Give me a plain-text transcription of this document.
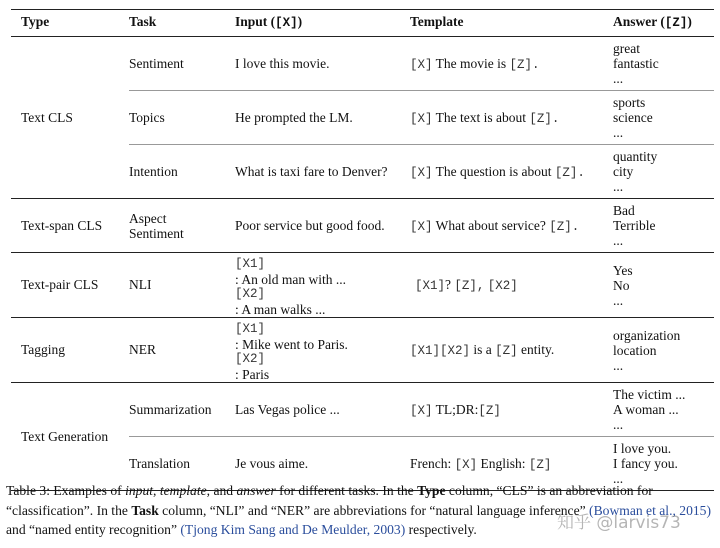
Type	Task	Input ([X])	Template	Answer ([Z])
Text CLS	Sentiment	I love this movie.	[X] The movie is [Z].	great
fantastic
...

	Topics	He prompted the LM.	[X] The text is about [Z].	sports
science
...

	Intention	What is taxi fare to Denver?	[X] The question is about [Z].	quantity
city
...

Text-span CLS	Aspect
Sentiment	Poor service but good food.	[X] What about service? [Z].	Bad
Terrible
...

Text-pair CLS	NLI	[X1]
: An old man with ...
[X2]
: A man walks ...	[X1]? [Z], [X2]	Yes
No
...

Tagging	NER	[X1]
: Mike went to Paris.
[X2]
: Paris	[X1][X2] is a [Z] entity.	organization
location
...

Text Generation	Summarization	Las Vegas police ...	[X] TL;DR:[Z]	The victim ...
A woman ...
...

	Translation	Je vous aime.	French: [X] English: [Z]	I love you.
I fancy you.
...
Table 3: Examples of input, template, and answer for different tasks. In the Type column, “CLS” is an abbreviation for “classification”. In the Task column, “NLI” and “NER” are abbreviations for “natural language inference” (Bowman et al., 2015) and “named entity recognition” (Tjong Kim Sang and De Meulder, 2003) respectively.	知乎 @larvis73
